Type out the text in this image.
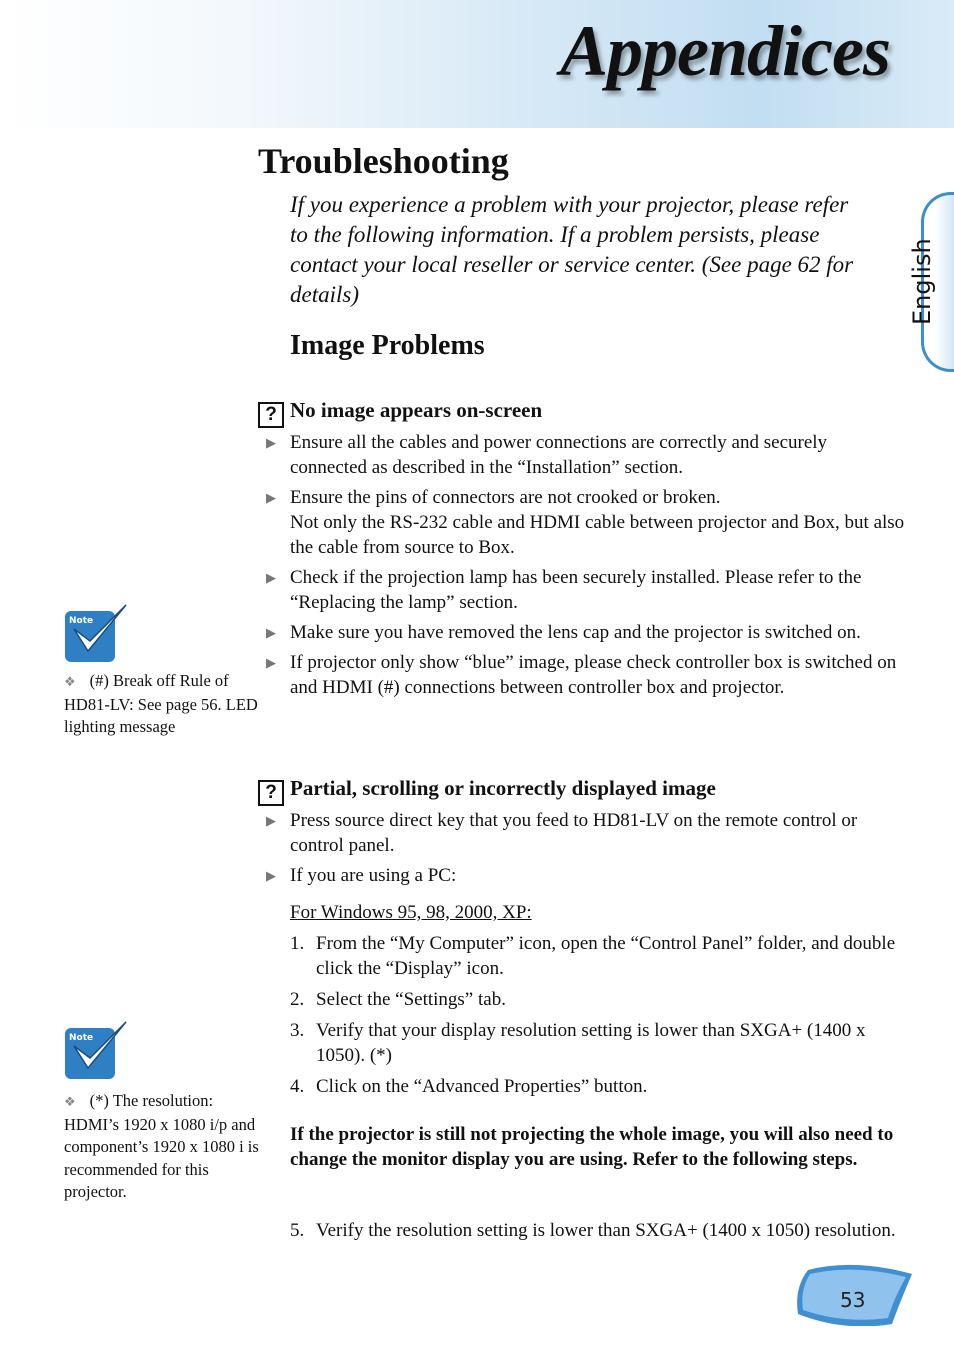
Appendices
English
Troubleshooting

If you experience a problem with your projector, please refer to the following information. If a problem persists, please contact your local reseller or service center. (See page 62 for details)

Image Problems
? No image appears on-screen
▶ Ensure all the cables and power connections are correctly and securely connected as described in the “Installation” section.
▶ Ensure the pins of connectors are not crooked or broken.
Not only the RS-232 cable and HDMI cable between projector and Box, but also the cable from source to Box.
▶ Check if the projection lamp has been securely installed. Please refer to the “Replacing the lamp” section.
▶ Make sure you have removed the lens cap and the projector is switched on.
▶ If projector only show “blue” image, please check controller box is switched on and HDMI (#) connections between controller box and projector.
? Partial, scrolling or incorrectly displayed image
▶ Press source direct key that you feed to HD81-LV on the remote control or control panel.
▶ If you are using a PC:
For Windows 95, 98, 2000, XP:
1. From the “My Computer” icon, open the “Control Panel” folder, and double click the “Display” icon.
2. Select the “Settings” tab.
3. Verify that your display resolution setting is lower than SXGA+ (1400 x 1050). (*)
4. Click on the “Advanced Properties” button.

If the projector is still not projecting the whole image, you will also need to change the monitor display you are using. Refer to the following steps.

5. Verify the resolution setting is lower than SXGA+ (1400 x 1050) resolution.
Note
❖ (#) Break off Rule of HD81-LV: See page 56. LED lighting message
Note
❖ (*) The resolution: HDMI’s 1920 x 1080 i/p and component’s 1920 x 1080 i is recommended for this projector.
53
